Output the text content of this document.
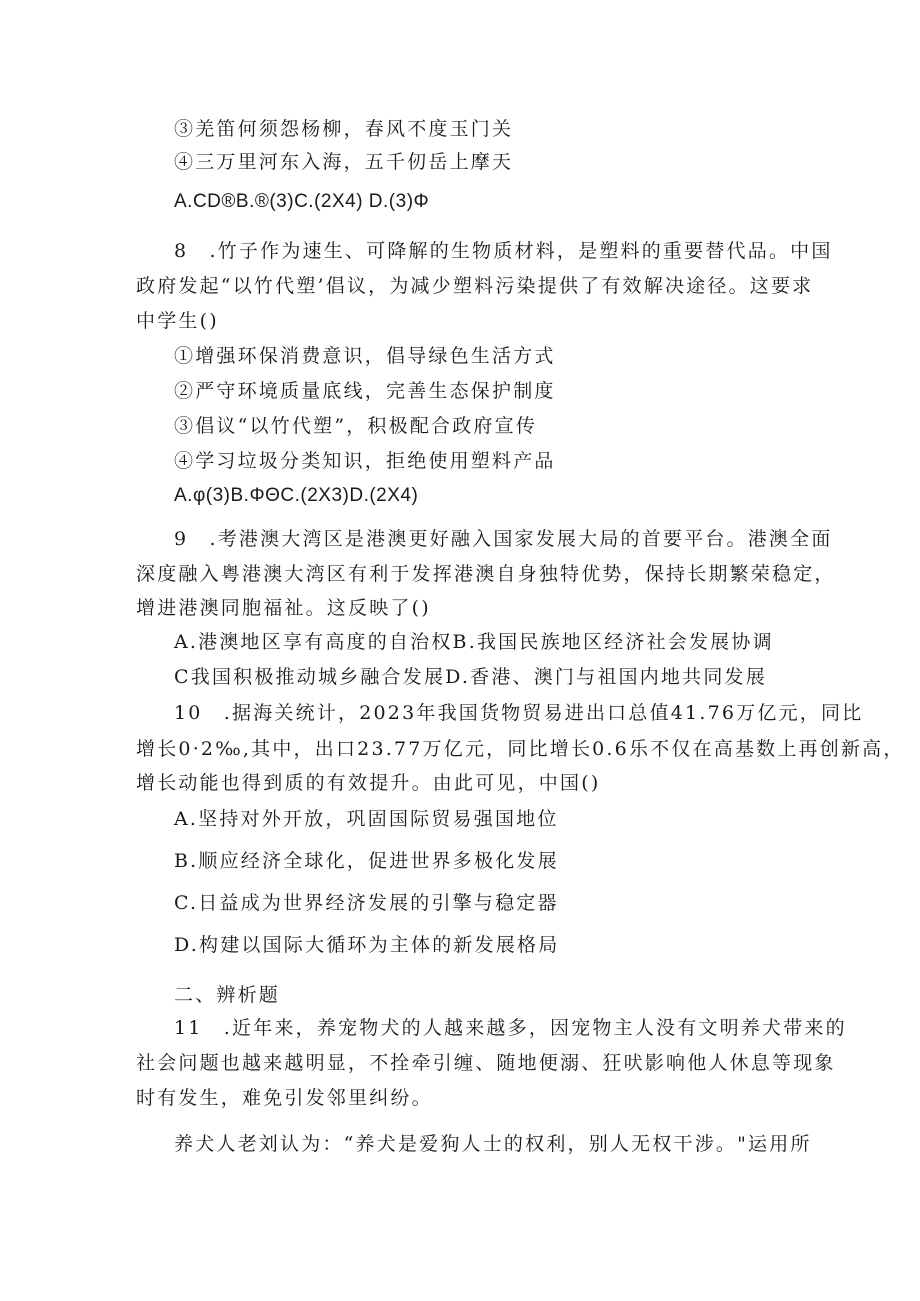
③羌笛何须怨杨柳，春风不度玉门关
④三万里河东入海，五千仞岳上摩天
A.CD®B.®(3)C.(2X4) D.(3)Φ
8 .竹子作为速生、可降解的生物质材料，是塑料的重要替代品。中国
政府发起“以竹代塑’倡议，为减少塑料污染提供了有效解决途径。这要求
中学生()
①增强环保消费意识，倡导绿色生活方式
②严守环境质量底线，完善生态保护制度
③倡议“以竹代塑”，积极配合政府宣传
④学习垃圾分类知识，拒绝使用塑料产品
A.φ(3)B.ΦΘC.(2X3)D.(2X4)
9 .考港澳大湾区是港澳更好融入国家发展大局的首要平台。港澳全面
深度融入粤港澳大湾区有利于发挥港澳自身独特优势，保持长期繁荣稳定，
增进港澳同胞福祉。这反映了()
A.港澳地区享有高度的自治权B.我国民族地区经济社会发展协调
C我国积极推动城乡融合发展D.香港、澳门与祖国内地共同发展
10 .据海关统计，2023年我国货物贸易进出口总值41.76万亿元，同比
增长0·2‰,其中，出口23.77万亿元，同比增长0.6乐不仅在高基数上再创新高，
增长动能也得到质的有效提升。由此可见，中国()
A.坚持对外开放，巩固国际贸易强国地位
B.顺应经济全球化，促进世界多极化发展
C.日益成为世界经济发展的引擎与稳定器
D.构建以国际大循环为主体的新发展格局
二、辨析题
11 .近年来，养宠物犬的人越来越多，因宠物主人没有文明养犬带来的
社会问题也越来越明显，不拴牵引缠、随地便溺、狂吠影响他人休息等现象
时有发生，难免引发邻里纠纷。
养犬人老刘认为：“养犬是爱狗人士的权利，别人无权干涉。"运用所
